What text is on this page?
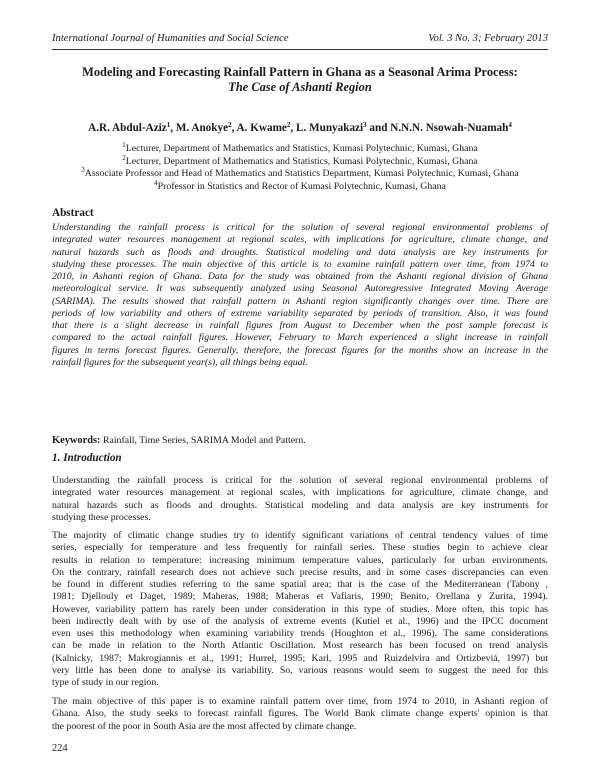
International Journal of Humanities and Social Science	Vol. 3 No. 3; February 2013
Modeling and Forecasting Rainfall Pattern in Ghana as a Seasonal Arima Process:
The Case of Ashanti Region
A.R. Abdul-Aziz$^1$, M. Anokye$^2$, A. Kwame$^2$, L. Munyakazi$^3$ and N.N.N. Nsowah-Nuamah$^4$
$^1$Lecturer, Department of Mathematics and Statistics, Kumasi Polytechnic, Kumasi, Ghana
$^2$Lecturer, Department of Mathematics and Statistics, Kumasi Polytechnic, Kumasi, Ghana
$^3$Associate Professor and Head of Mathematics and Statistics Department, Kumasi Polytechnic, Kumasi, Ghana
$^4$Professor in Statistics and Rector of Kumasi Polytechnic, Kumasi, Ghana
Abstract
Understanding the rainfall process is critical for the solution of several regional environmental problems of
integrated water resources management at regional scales, with implications for agriculture, climate change, and
natural hazards such as floods and droughts. Statistical modeling and data analysis are key instruments for
studying these processes. The main objective of this article is to examine rainfall pattern over time, from 1974 to
2010, in Ashanti region of Ghana. Data for the study was obtained from the Ashanti regional division of Ghana
meteorological service. It was subsequently analyzed using Seasonal Autoregressive Integrated Moving Average
(SARIMA). The results showed that rainfall pattern in Ashanti region significantly changes over time. There are
periods of low variability and others of extreme variability separated by periods of transition. Also, it was found
that there is a slight decrease in rainfall figures from August to December when the post sample forecast is
compared to the actual rainfall figures. However, February to March experienced a slight increase in rainfall
figures in terms forecast figures. Generally, therefore, the forecast figures for the months show an increase in the
rainfall figures for the subsequent year(s), all things being equal.
Keywords: Rainfall, Time Series, SARIMA Model and Pattern.
1. Introduction
Understanding the rainfall process is critical for the solution of several regional environmental problems of
integrated water resources management at regional scales, with implications for agriculture, climate change, and
natural hazards such as floods and droughts. Statistical modeling and data analysis are key instruments for
studying these processes.
The majority of climatic change studies try to identify significant variations of central tendency values of time
series, especially for temperature and less frequently for rainfall series. These studies begin to achieve clear
results in relation to temperature: increasing minimum temperature values, particularly for urban environments.
On the contrary, rainfall research does not achieve such precise results, and in some cases discrepancies can even
be found in different studies referring to the same spatial area; that is the case of the Mediterranean (Tabony ,
1981; Djellouly et Daget, 1989; Maheras, 1988; Maheras et Vafiaris, 1990; Benito, Orellana y Zurita, 1994).
However, variability pattern has rarely been under consideration in this type of studies. More often, this topic has
been indirectly dealt with by use of the analysis of extreme events (Kutiel et al., 1996) and the IPCC document
even uses this methodology when examining variability trends (Houghton et al., 1996). The same considerations
can be made in relation to the North Atlantic Oscillation. Most research has been focused on trend analysis
(Kalnicky, 1987; Makrogiannis et al., 1991; Hurrel, 1995; Karl, 1995 and Ruizdelvira and Ortizbeviá, 1997) but
very little has been done to analyse its variability. So, various reasons would seem to suggest the need for this
type of study in our region.
The main objective of this paper is to examine rainfall pattern over time, from 1974 to 2010, in Ashanti region of
Ghana. Also, the study seeks to forecast rainfall figures. The World Bank climate change experts' opinion is that
the poorest of the poor in South Asia are the most affected by climate change.
224
